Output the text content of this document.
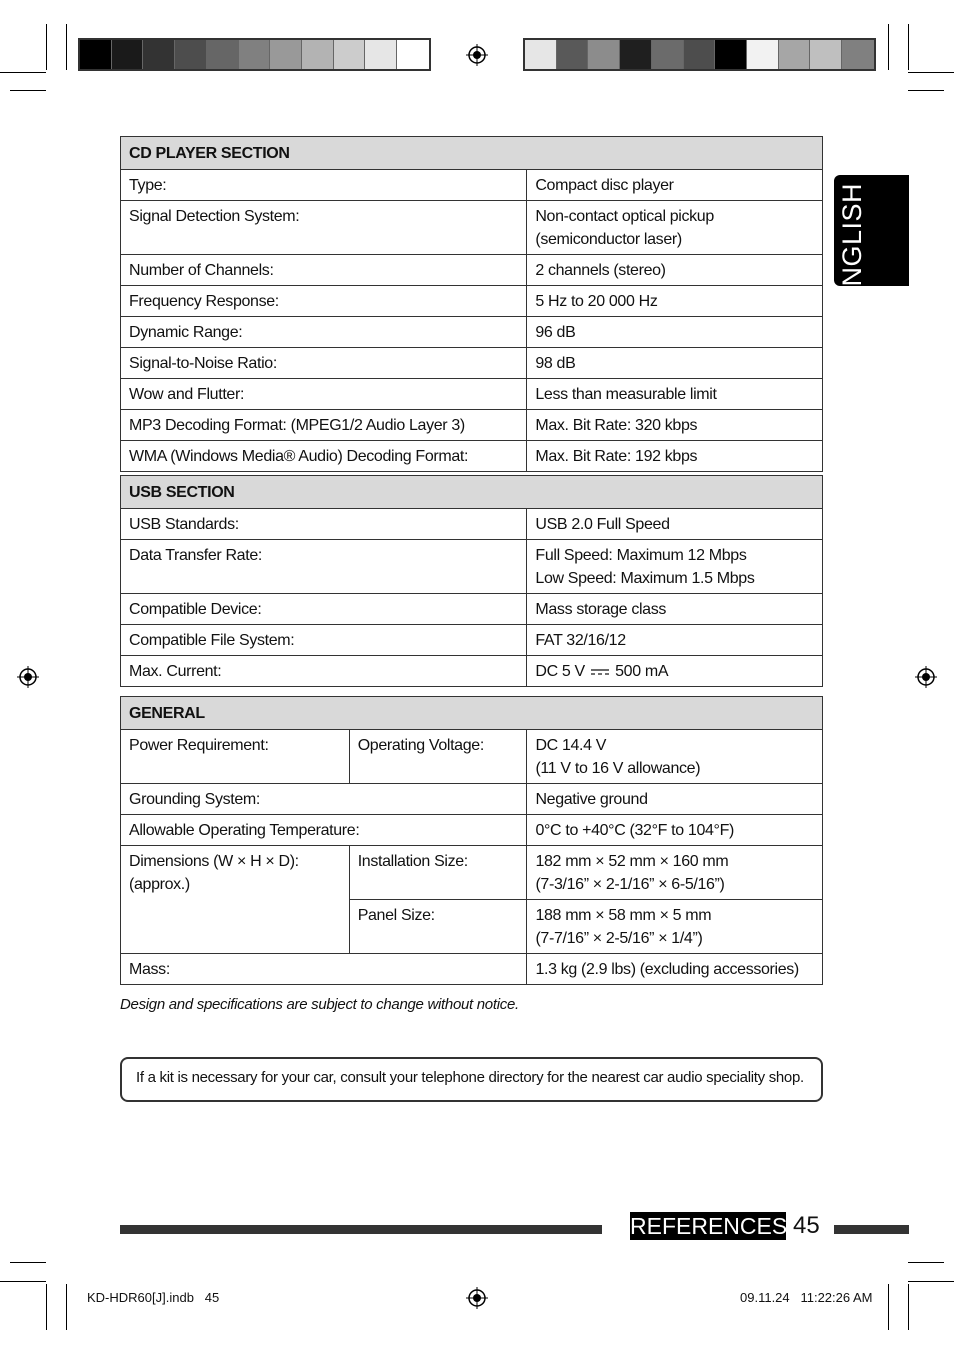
ENGLISH
CD PLAYER SECTION	
Type:	Compact disc player
Signal Detection System:	Non-contact optical pickup
(semiconductor laser)

Number of Channels:	2 channels (stereo)
Frequency Response:	5 Hz to 20 000 Hz
Dynamic Range:	96 dB
Signal-to-Noise Ratio:	98 dB
Wow and Flutter:	Less than measurable limit
MP3 Decoding Format: (MPEG1/2 Audio Layer 3)	Max. Bit Rate: 320 kbps
WMA (Windows Media® Audio) Decoding Format:	Max. Bit Rate: 192 kbps
USB SECTION	
USB Standards:	USB 2.0 Full Speed
Data Transfer Rate:	Full Speed: Maximum 12 Mbps
Low Speed: Maximum 1.5 Mbps

Compatible Device:	Mass storage class
Compatible File System:	FAT 32/16/12
Max. Current:	DC 5 V 500 mA
GENERAL		
Power Requirement:	Operating Voltage:	DC 14.4 V
(11 V to 16 V allowance)

Grounding System:		Negative ground
Allowable Operating Temperature:		0°C to +40°C (32°F to 104°F)
Dimensions (W × H × D): (approx.)	Installation Size:	182 mm × 52 mm × 160 mm
(7-3/16” × 2-1/16” × 6-5/16”)

	Panel Size:	188 mm × 58 mm × 5 mm
(7-7/16” × 2-5/16” × 1/4”)

Mass:		1.3 kg (2.9 lbs) (excluding accessories)
Design and specifications are subject to change without notice.
If a kit is necessary for your car, consult your telephone directory for the nearest car audio speciality shop.
REFERENCES 45
KD-HDR60[J].indb   45	09.11.24   11:22:26 AM
